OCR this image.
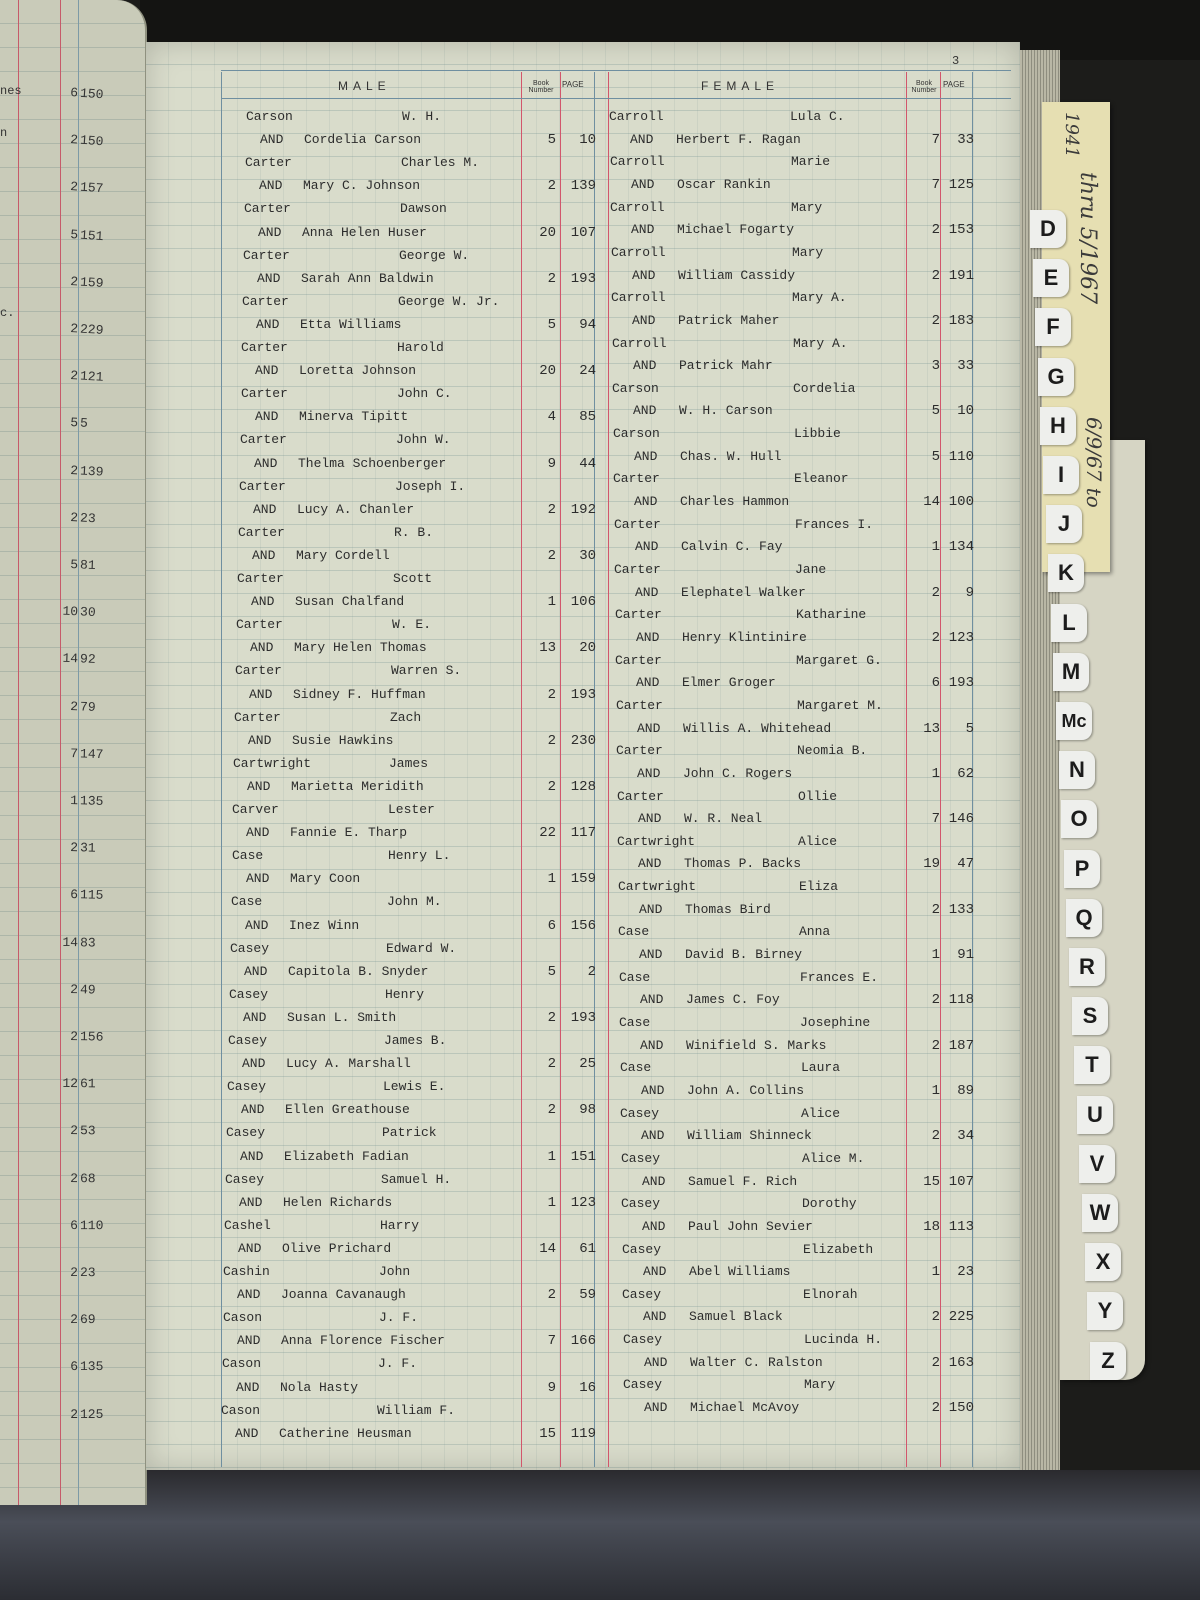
nes
n
c.
6 150
2 150
2 157
5 151
2 159
2 229
2 121
5 5
2 139
2 23
5 81
10 30
14 92
2 79
7 147
1 135
2 31
6 115
14 83
2 49
2 156
12 61
2 53
2 68
6 110
2 23
2 69
6 135
2 125
3
MALE	Book Number
PAGE	FEMALE	Book Number
PAGE
Carson	W. H.
AND Cordelia Carson	5	10
Carter	Charles M.
AND Mary C. Johnson	2	139
Carter	Dawson
AND Anna Helen Huser	20	107
Carter	George W.
AND Sarah Ann Baldwin	2	193
Carter	George W. Jr.
AND Etta Williams	5	94
Carter	Harold
AND Loretta Johnson	20	24
Carter	John C.
AND Minerva Tipitt	4	85
Carter	John W.
AND Thelma Schoenberger	9	44
Carter	Joseph I.
AND Lucy A. Chanler	2	192
Carter	R. B.
AND Mary Cordell	2	30
Carter	Scott
AND Susan Chalfand	1	106
Carter	W. E.
AND Mary Helen Thomas	13	20
Carter	Warren S.
AND Sidney F. Huffman	2	193
Carter	Zach
AND Susie Hawkins	2	230
Cartwright	James
AND Marietta Meridith	2	128
Carver	Lester
AND Fannie E. Tharp	22	117
Case	Henry L.
AND Mary Coon	1	159
Case	John M.
AND Inez Winn	6	156
Casey	Edward W.
AND Capitola B. Snyder	5	2
Casey	Henry
AND Susan L. Smith	2	193
Casey	James B.
AND Lucy A. Marshall	2	25
Casey	Lewis E.
AND Ellen Greathouse	2	98
Casey	Patrick
AND Elizabeth Fadian	1	151
Casey	Samuel H.
AND Helen Richards	1	123
Cashel	Harry
AND Olive Prichard	14	61
Cashin	John
AND Joanna Cavanaugh	2	59
Cason	J. F.
AND Anna Florence Fischer	7	166
Cason	J. F.
AND Nola Hasty	9	16
Cason	William F.
AND Catherine Heusman	15	119
Carroll	Lula C.
AND Herbert F. Ragan	7	33
Carroll	Marie
AND Oscar Rankin	7 125
Carroll	Mary
AND Michael Fogarty	2 153
Carroll	Mary
AND William Cassidy	2 191
Carroll	Mary A.
AND Patrick Maher	2 183
Carroll	Mary A.
AND Patrick Mahr	3	33
Carson	Cordelia
AND W. H. Carson	5	10
Carson	Libbie
AND Chas. W. Hull	5 110
Carter	Eleanor
AND Charles Hammon	14 100
Carter	Frances I.
AND Calvin C. Fay	1 134
Carter	Jane
AND Elephatel Walker	2	9
Carter	Katharine
AND Henry Klintinire	2 123
Carter	Margaret G.
AND Elmer Groger	6 193
Carter	Margaret M.
AND Willis A. Whitehead	13	5
Carter	Neomia B.
AND John C. Rogers	1	62
Carter	Ollie
AND W. R. Neal	7 146
Cartwright	Alice
AND Thomas P. Backs	19	47
Cartwright	Eliza
AND Thomas Bird	2 133
Case	Anna
AND David B. Birney	1	91
Case	Frances E.
AND James C. Foy	2 118
Case	Josephine
AND Winifield S. Marks	2 187
Case	Laura
AND John A. Collins	1	89
Casey	Alice
AND William Shinneck	2	34
Casey	Alice M.
AND Samuel F. Rich	15 107
Casey	Dorothy
AND Paul John Sevier	18 113
Casey	Elizabeth
AND Abel Williams	1	23
Casey	Elnorah
AND Samuel Black	2 225
Casey	Lucinda H.
AND Walter C. Ralston	2 163
Casey	Mary
AND Michael McAvoy	2 150
1941
thru 5/1967
6/9/67 to
D
E
F
G
H
I
J
K
L
M
Mc
N
O
P
Q
R
S
T
U
V
W
X
Y
Z
